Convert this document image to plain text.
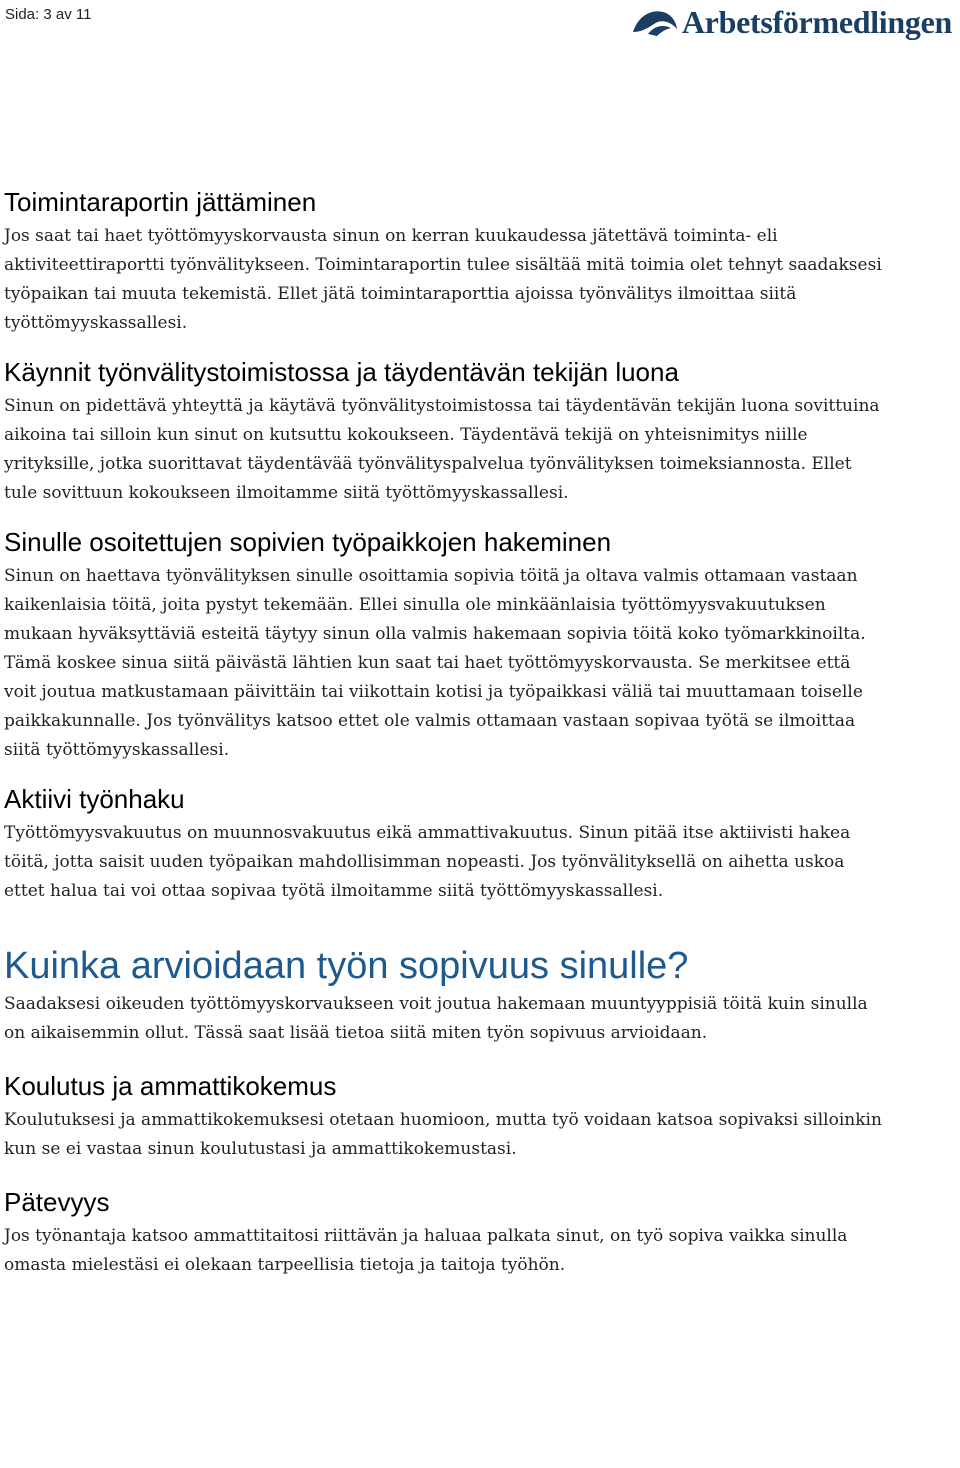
Sida: 3 av 11	Arbetsförmedlingen
Toimintaraportin jättäminen

Jos saat tai haet työttömyyskorvausta sinun on kerran kuukaudessa jätettävä toiminta- eli aktiviteettiraportti työnvälitykseen. Toimintaraportin tulee sisältää mitä toimia olet tehnyt saadaksesi työpaikan tai muuta tekemistä. Ellet jätä toimintaraporttia ajoissa työnvälitys ilmoittaa siitä työttömyyskassallesi.

Käynnit työnvälitystoimistossa ja täydentävän tekijän luona

Sinun on pidettävä yhteyttä ja käytävä työnvälitystoimistossa tai täydentävän tekijän luona sovittuina aikoina tai silloin kun sinut on kutsuttu kokoukseen. Täydentävä tekijä on yhteisnimitys niille yrityksille, jotka suorittavat täydentävää työnvälityspalvelua työnvälityksen toimeksiannosta. Ellet tule sovittuun kokoukseen ilmoitamme siitä työttömyyskassallesi.

Sinulle osoitettujen sopivien työpaikkojen hakeminen

Sinun on haettava työnvälityksen sinulle osoittamia sopivia töitä ja oltava valmis ottamaan vastaan kaikenlaisia töitä, joita pystyt tekemään. Ellei sinulla ole minkäänlaisia työttömyysvakuutuksen mukaan hyväksyttäviä esteitä täytyy sinun olla valmis hakemaan sopivia töitä koko työmarkkinoilta. Tämä koskee sinua siitä päivästä lähtien kun saat tai haet työttömyyskorvausta. Se merkitsee että voit joutua matkustamaan päivittäin tai viikottain kotisi ja työpaikkasi väliä tai muuttamaan toiselle paikkakunnalle. Jos työnvälitys katsoo ettet ole valmis ottamaan vastaan sopivaa työtä se ilmoittaa siitä työttömyyskassallesi.

Aktiivi työnhaku

Työttömyysvakuutus on muunnosvakuutus eikä ammattivakuutus. Sinun pitää itse aktiivisti hakea töitä, jotta saisit uuden työpaikan mahdollisimman nopeasti. Jos työnvälityksellä on aihetta uskoa ettet halua tai voi ottaa sopivaa työtä ilmoitamme siitä työttömyyskassallesi.

Kuinka arvioidaan työn sopivuus sinulle?

Saadaksesi oikeuden työttömyyskorvaukseen voit joutua hakemaan muuntyyppisiä töitä kuin sinulla on aikaisemmin ollut. Tässä saat lisää tietoa siitä miten työn sopivuus arvioidaan.

Koulutus ja ammattikokemus

Koulutuksesi ja ammattikokemuksesi otetaan huomioon, mutta työ voidaan katsoa sopivaksi silloinkin kun se ei vastaa sinun koulutustasi ja ammattikokemustasi.

Pätevyys

Jos työnantaja katsoo ammattitaitosi riittävän ja haluaa palkata sinut, on työ sopiva vaikka sinulla omasta mielestäsi ei olekaan tarpeellisia tietoja ja taitoja työhön.
